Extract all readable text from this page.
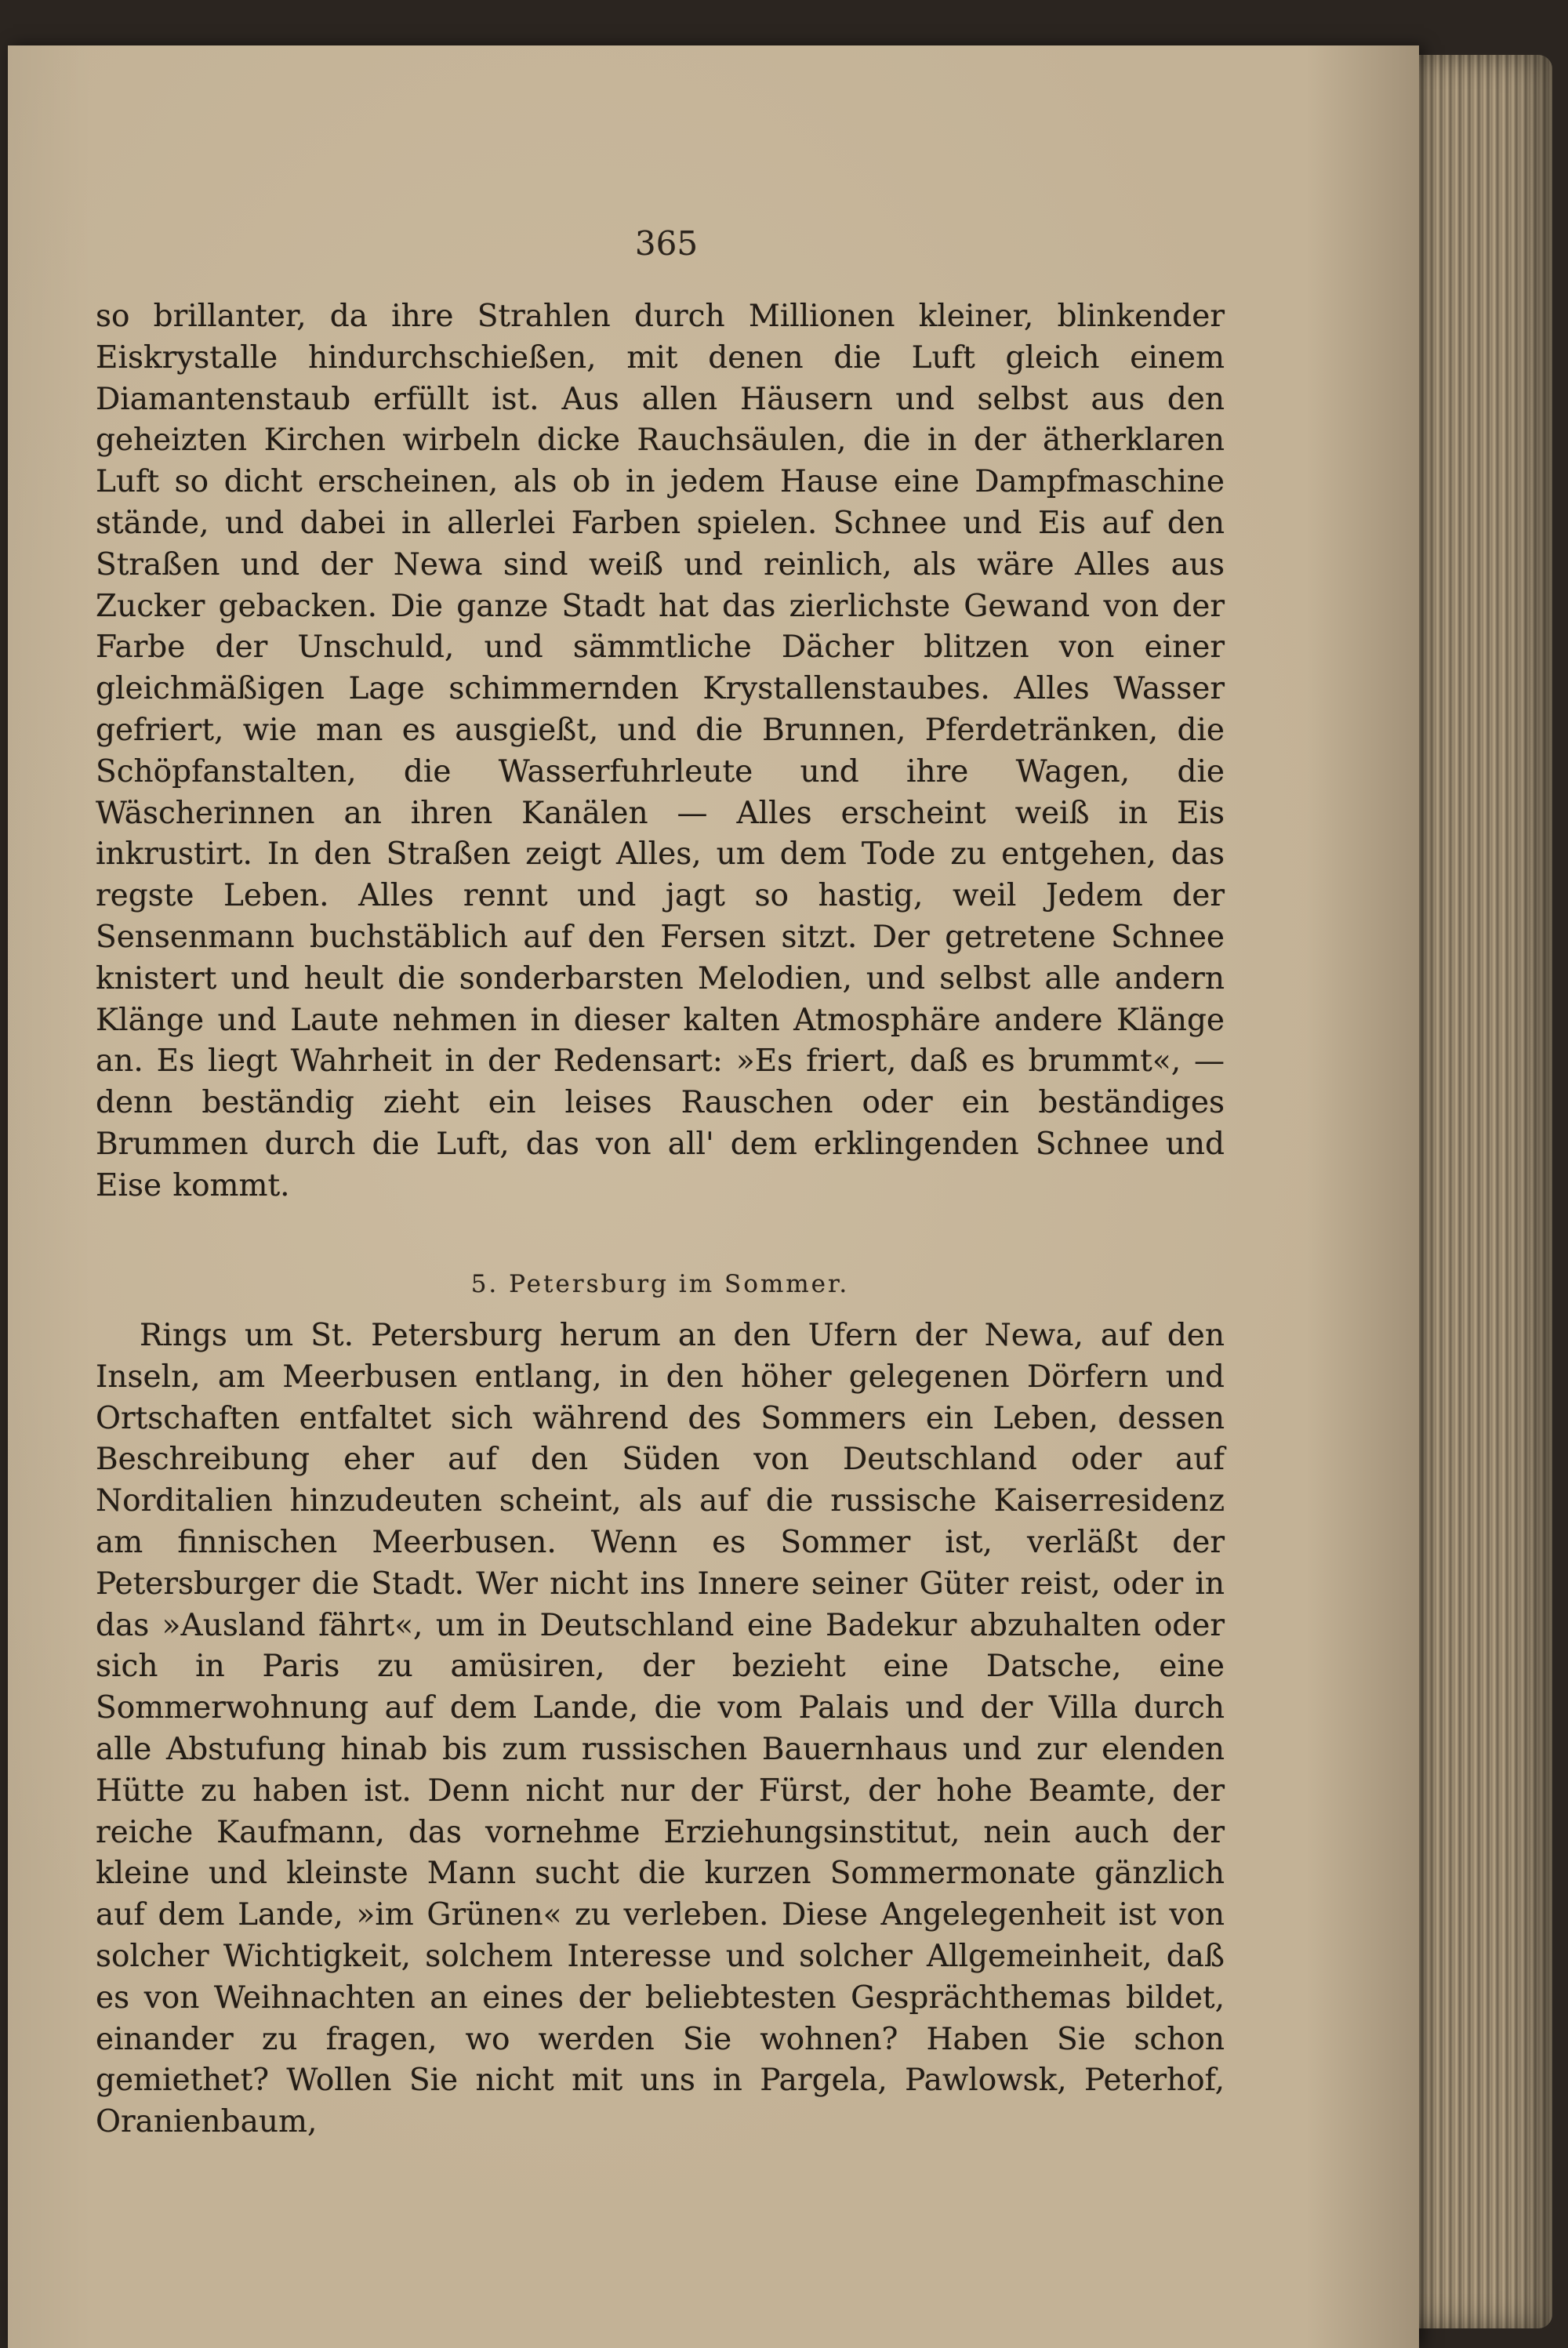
365

so brillanter, da ihre Strahlen durch Millionen kleiner, blinkender Eiskrystalle hindurchschießen, mit denen die Luft gleich einem Diamantenstaub erfüllt ist. Aus allen Häusern und selbst aus den geheizten Kirchen wirbeln dicke Rauchsäulen, die in der ätherklaren Luft so dicht erscheinen, als ob in jedem Hause eine Dampfmaschine stände, und dabei in allerlei Farben spielen. Schnee und Eis auf den Straßen und der Newa sind weiß und reinlich, als wäre Alles aus Zucker gebacken. Die ganze Stadt hat das zierlichste Gewand von der Farbe der Unschuld, und sämmtliche Dächer blitzen von einer gleichmäßigen Lage schimmernden Krystallenstaubes. Alles Wasser gefriert, wie man es ausgießt, und die Brunnen, Pferdetränken, die Schöpfanstalten, die Wasserfuhrleute und ihre Wagen, die Wäscherinnen an ihren Kanälen — Alles erscheint weiß in Eis inkrustirt. In den Straßen zeigt Alles, um dem Tode zu entgehen, das regste Leben. Alles rennt und jagt so hastig, weil Jedem der Sensenmann buchstäblich auf den Fersen sitzt. Der getretene Schnee knistert und heult die sonderbarsten Melodien, und selbst alle andern Klänge und Laute nehmen in dieser kalten Atmosphäre andere Klänge an. Es liegt Wahrheit in der Redensart: »Es friert, daß es brummt«, — denn beständig zieht ein leises Rauschen oder ein beständiges Brummen durch die Luft, das von all' dem erklingenden Schnee und Eise kommt.

5. Petersburg im Sommer.

Rings um St. Petersburg herum an den Ufern der Newa, auf den Inseln, am Meerbusen entlang, in den höher gelegenen Dörfern und Ortschaften entfaltet sich während des Sommers ein Leben, dessen Beschreibung eher auf den Süden von Deutschland oder auf Norditalien hinzudeuten scheint, als auf die russische Kaiserresidenz am finnischen Meerbusen. Wenn es Sommer ist, verläßt der Petersburger die Stadt. Wer nicht ins Innere seiner Güter reist, oder in das »Ausland fährt«, um in Deutschland eine Badekur abzuhalten oder sich in Paris zu amüsiren, der bezieht eine Datsche, eine Sommerwohnung auf dem Lande, die vom Palais und der Villa durch alle Abstufung hinab bis zum russischen Bauernhaus und zur elenden Hütte zu haben ist. Denn nicht nur der Fürst, der hohe Beamte, der reiche Kaufmann, das vornehme Erziehungsinstitut, nein auch der kleine und kleinste Mann sucht die kurzen Sommermonate gänzlich auf dem Lande, »im Grünen« zu verleben. Diese Angelegenheit ist von solcher Wichtigkeit, solchem Interesse und solcher Allgemeinheit, daß es von Weihnachten an eines der beliebtesten Gesprächthemas bildet, einander zu fragen, wo werden Sie wohnen? Haben Sie schon gemiethet? Wollen Sie nicht mit uns in Pargela, Pawlowsk, Peterhof, Oranienbaum,
